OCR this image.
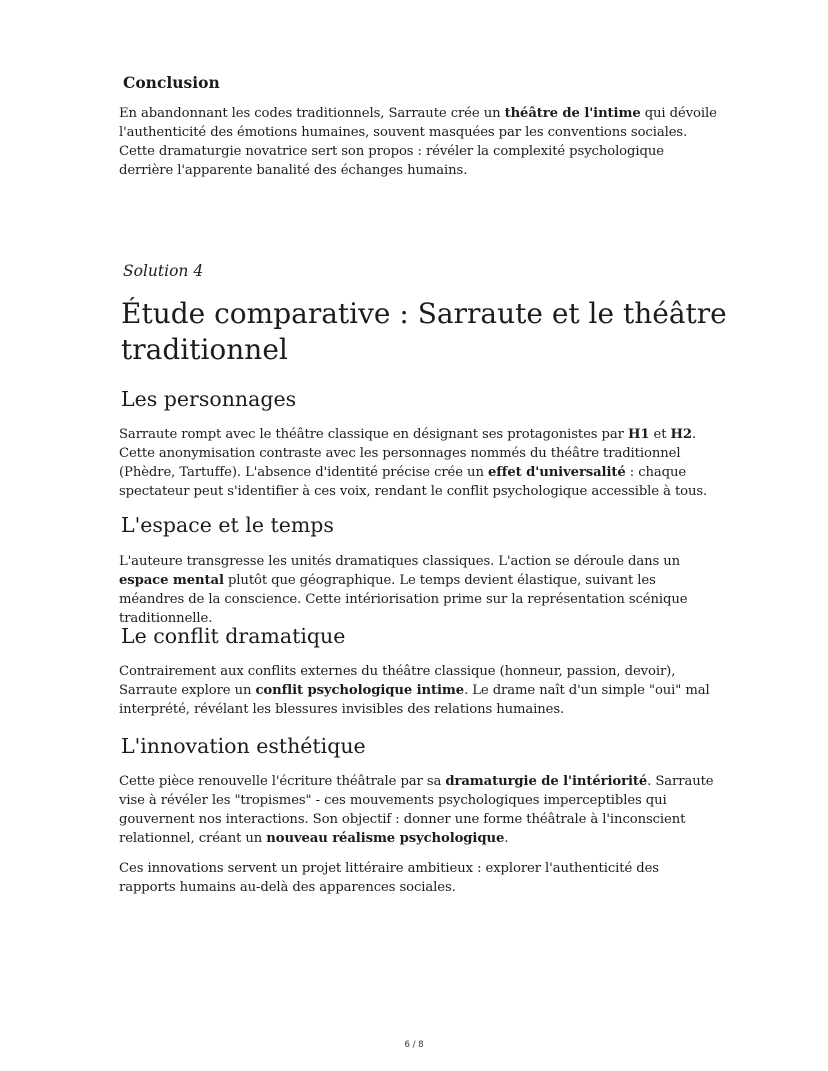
Conclusion

En abandonnant les codes traditionnels, Sarraute crée un théâtre de l'intime qui dévoile l'authenticité des émotions humaines, souvent masquées par les conventions sociales. Cette dramaturgie novatrice sert son propos : révéler la complexité psychologique derrière l'apparente banalité des échanges humains.

Solution 4

Étude comparative : Sarraute et le théâtre traditionnel
Les personnages

Sarraute rompt avec le théâtre classique en désignant ses protagonistes par H1 et H2. Cette anonymisation contraste avec les personnages nommés du théâtre traditionnel (Phèdre, Tartuffe). L'absence d'identité précise crée un effet d'universalité : chaque spectateur peut s'identifier à ces voix, rendant le conflit psychologique accessible à tous.

L'espace et le temps

L'auteure transgresse les unités dramatiques classiques. L'action se déroule dans un espace mental plutôt que géographique. Le temps devient élastique, suivant les méandres de la conscience. Cette intériorisation prime sur la représentation scénique traditionnelle.

Le conflit dramatique

Contrairement aux conflits externes du théâtre classique (honneur, passion, devoir), Sarraute explore un conflit psychologique intime. Le drame naît d'un simple "oui" mal interprété, révélant les blessures invisibles des relations humaines.

L'innovation esthétique

Cette pièce renouvelle l'écriture théâtrale par sa dramaturgie de l'intériorité. Sarraute vise à révéler les "tropismes" - ces mouvements psychologiques imperceptibles qui gouvernent nos interactions. Son objectif : donner une forme théâtrale à l'inconscient relationnel, créant un nouveau réalisme psychologique.

Ces innovations servent un projet littéraire ambitieux : explorer l'authenticité des rapports humains au-delà des apparences sociales.

6 / 8
